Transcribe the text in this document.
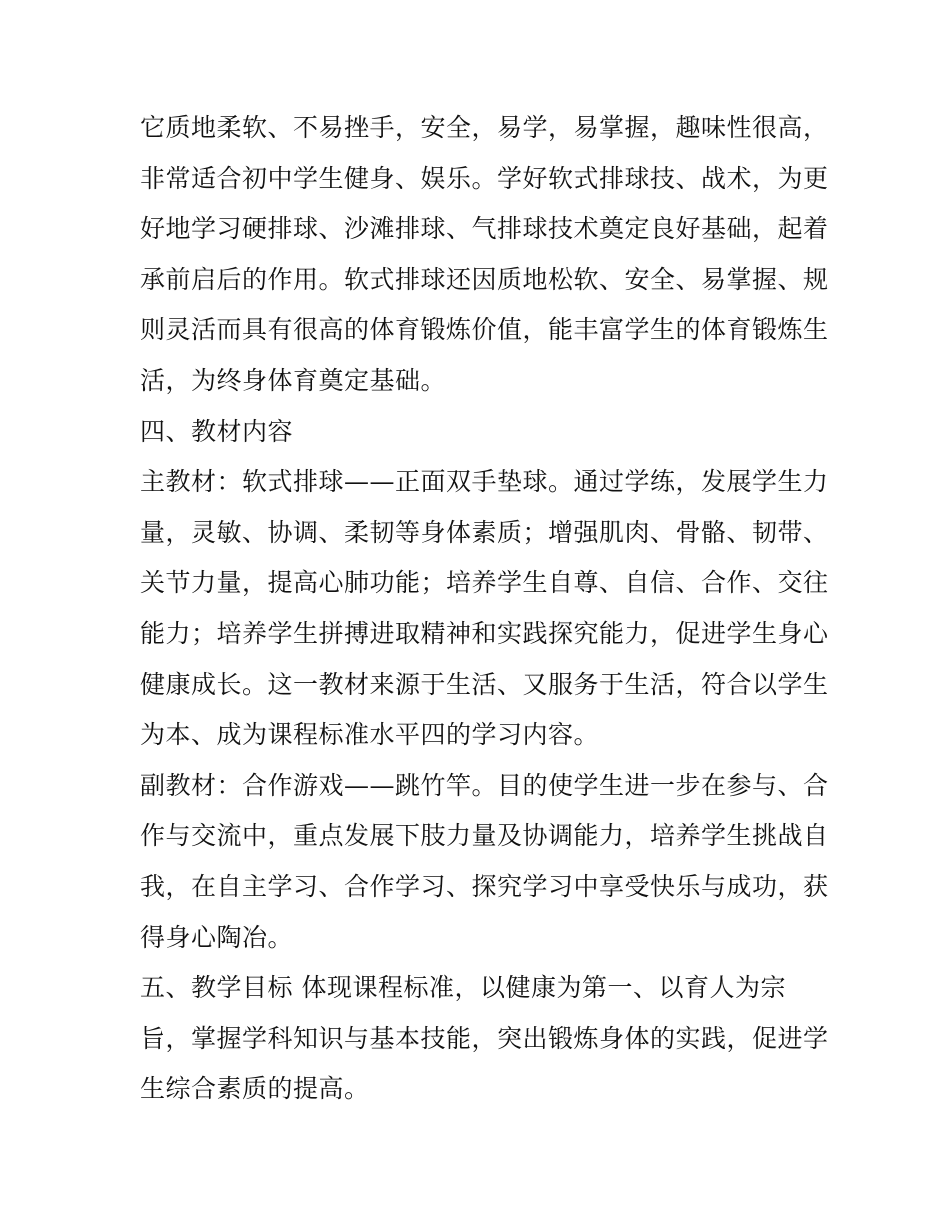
它质地柔软、不易挫手，安全，易学，易掌握，趣味性很高，
非常适合初中学生健身、娱乐。学好软式排球技、战术，为更
好地学习硬排球、沙滩排球、气排球技术奠定良好基础，起着
承前启后的作用。软式排球还因质地松软、安全、易掌握、规
则灵活而具有很高的体育锻炼价值，能丰富学生的体育锻炼生
活，为终身体育奠定基础。
四、教材内容
主教材：软式排球——正面双手垫球。通过学练，发展学生力
量，灵敏、协调、柔韧等身体素质；增强肌肉、骨骼、韧带、
关节力量，提高心肺功能；培养学生自尊、自信、合作、交往
能力；培养学生拼搏进取精神和实践探究能力，促进学生身心
健康成长。这一教材来源于生活、又服务于生活，符合以学生
为本、成为课程标准水平四的学习内容。
副教材：合作游戏——跳竹竿。目的使学生进一步在参与、合
作与交流中，重点发展下肢力量及协调能力，培养学生挑战自
我，在自主学习、合作学习、探究学习中享受快乐与成功，获
得身心陶冶。
五、教学目标 体现课程标准，以健康为第一、以育人为宗
旨，掌握学科知识与基本技能，突出锻炼身体的实践，促进学
生综合素质的提高。
